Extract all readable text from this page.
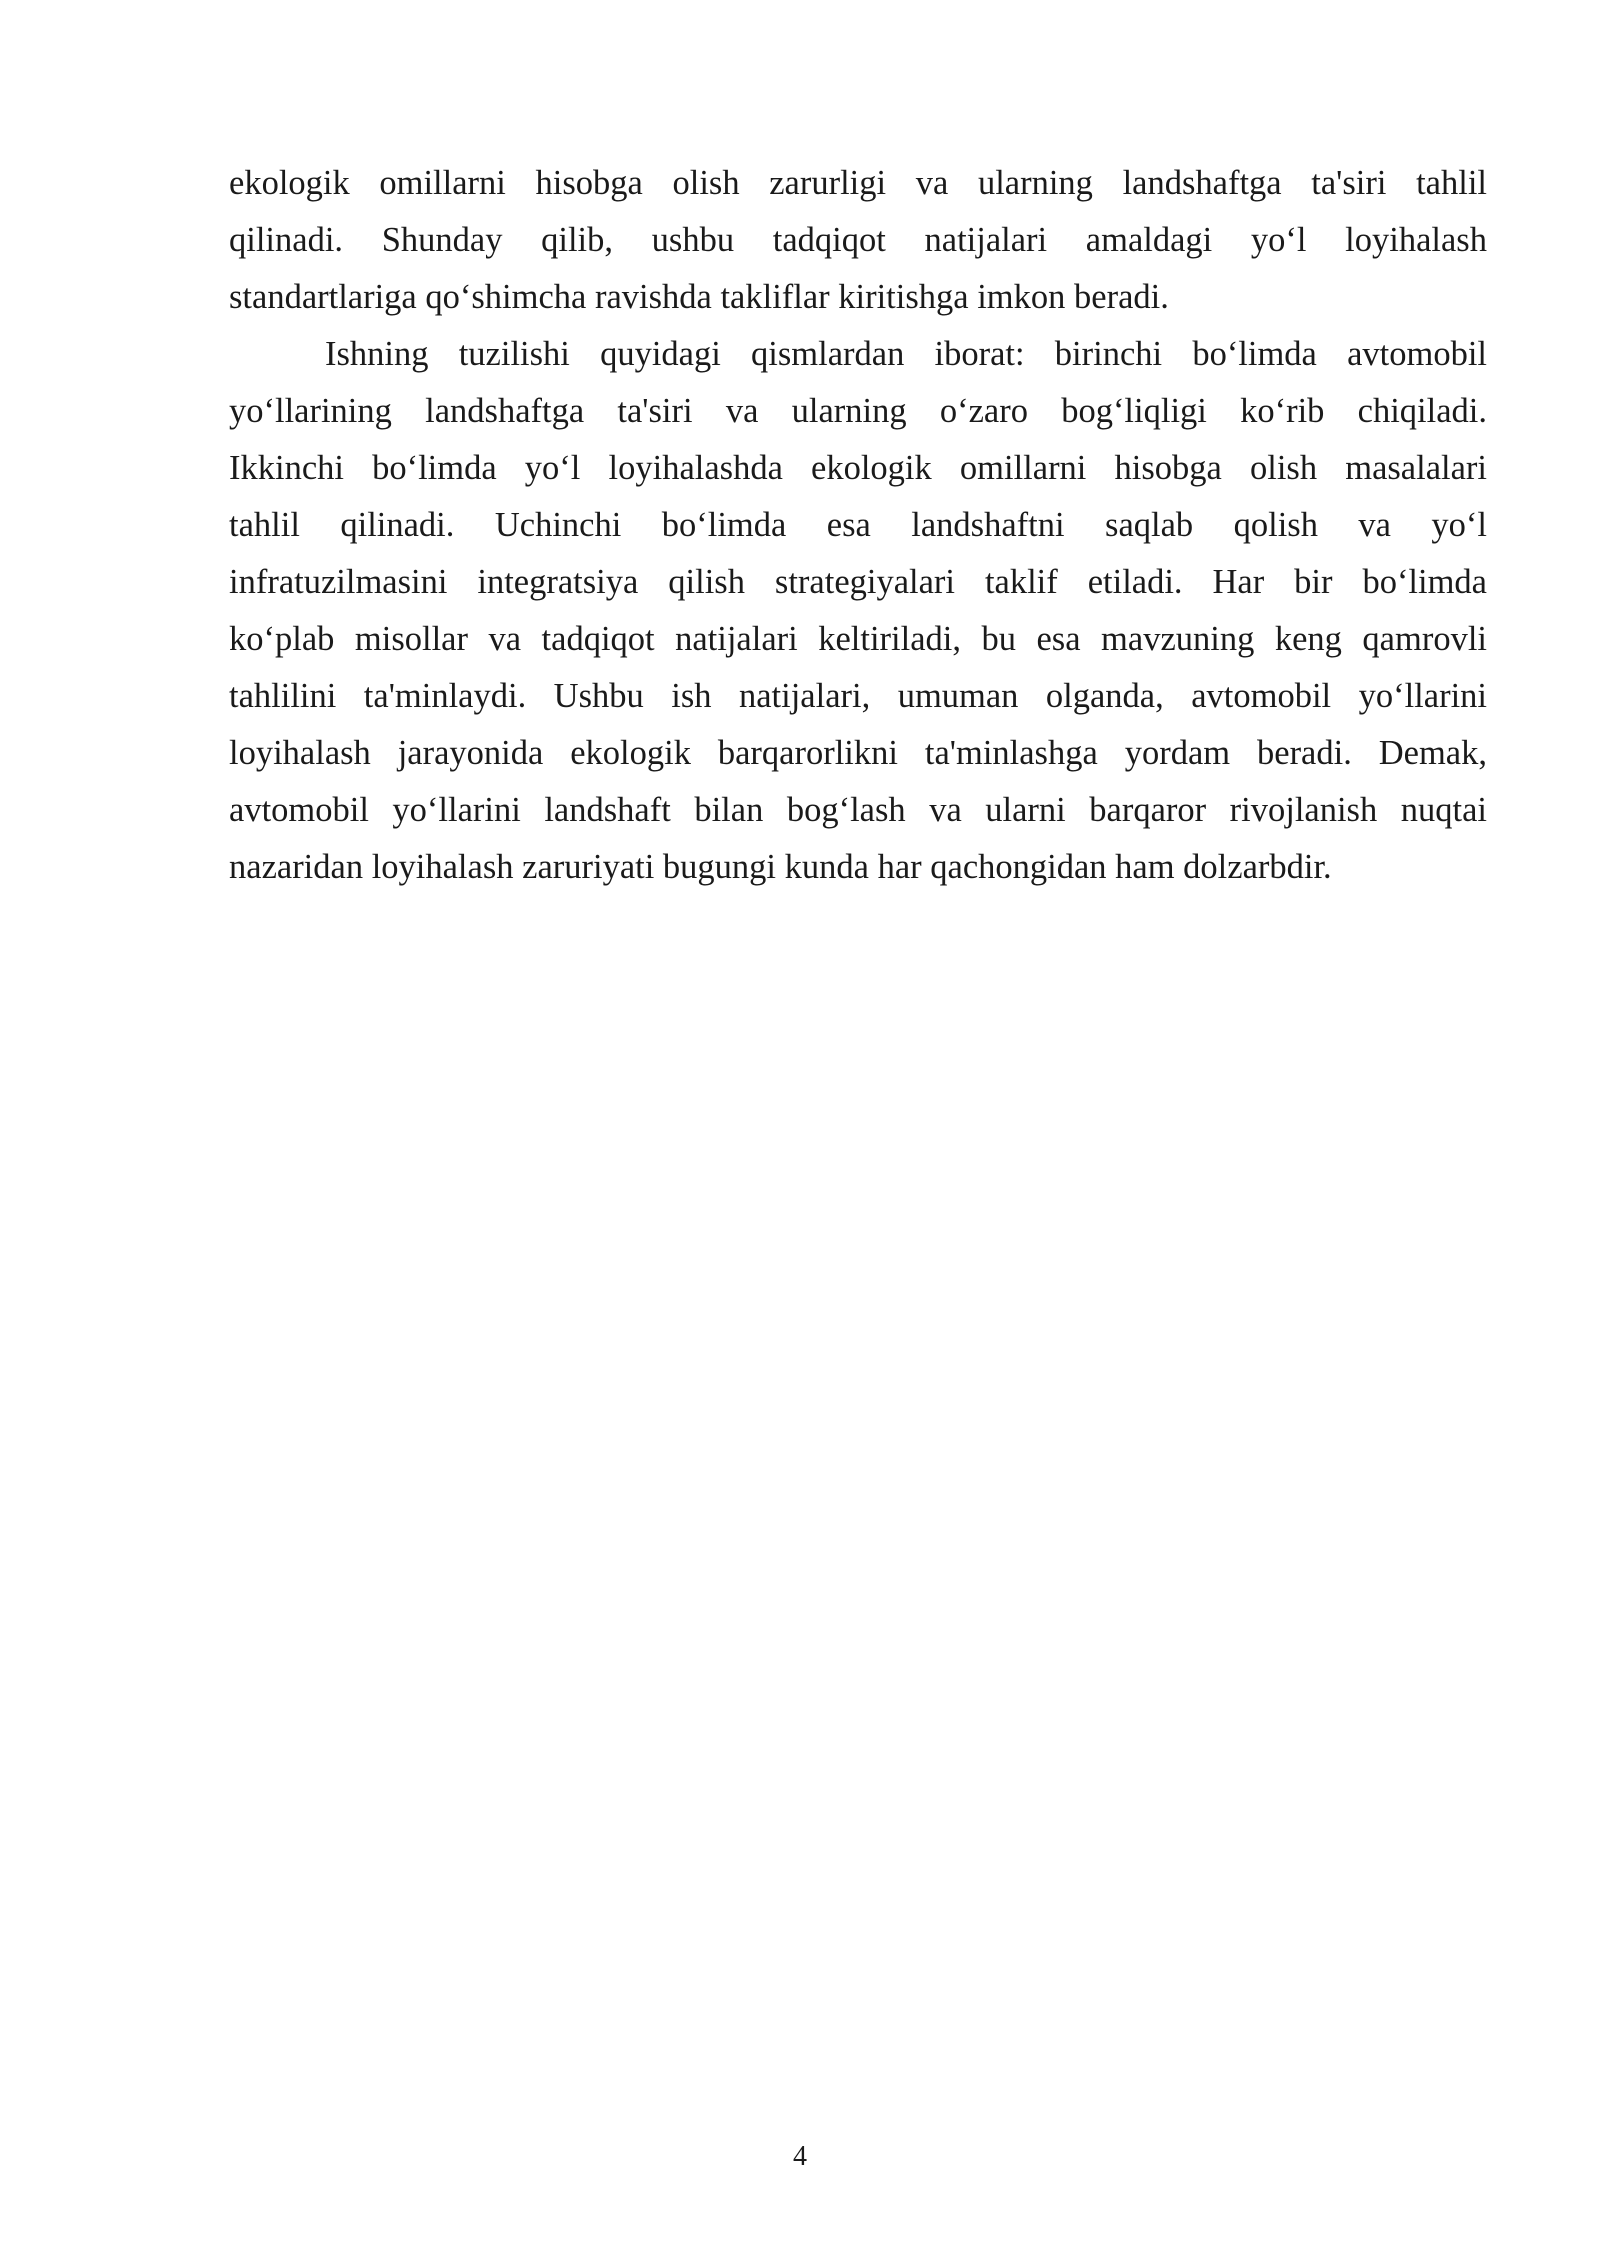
ekologik omillarni hisobga olish zarurligi va ularning landshaftga ta'siri tahlil
qilinadi. Shunday qilib, ushbu tadqiqot natijalari amaldagi yo‘l loyihalash
standartlariga qo‘shimcha ravishda takliflar kiritishga imkon beradi.
Ishning tuzilishi quyidagi qismlardan iborat: birinchi bo‘limda avtomobil
yo‘llarining landshaftga ta'siri va ularning o‘zaro bog‘liqligi ko‘rib chiqiladi.
Ikkinchi bo‘limda yo‘l loyihalashda ekologik omillarni hisobga olish masalalari
tahlil qilinadi. Uchinchi bo‘limda esa landshaftni saqlab qolish va yo‘l
infratuzilmasini integratsiya qilish strategiyalari taklif etiladi. Har bir bo‘limda
ko‘plab misollar va tadqiqot natijalari keltiriladi, bu esa mavzuning keng qamrovli
tahlilini ta'minlaydi. Ushbu ish natijalari, umuman olganda, avtomobil yo‘llarini
loyihalash jarayonida ekologik barqarorlikni ta'minlashga yordam beradi. Demak,
avtomobil yo‘llarini landshaft bilan bog‘lash va ularni barqaror rivojlanish nuqtai
nazaridan loyihalash zaruriyati bugungi kunda har qachongidan ham dolzarbdir.
4
